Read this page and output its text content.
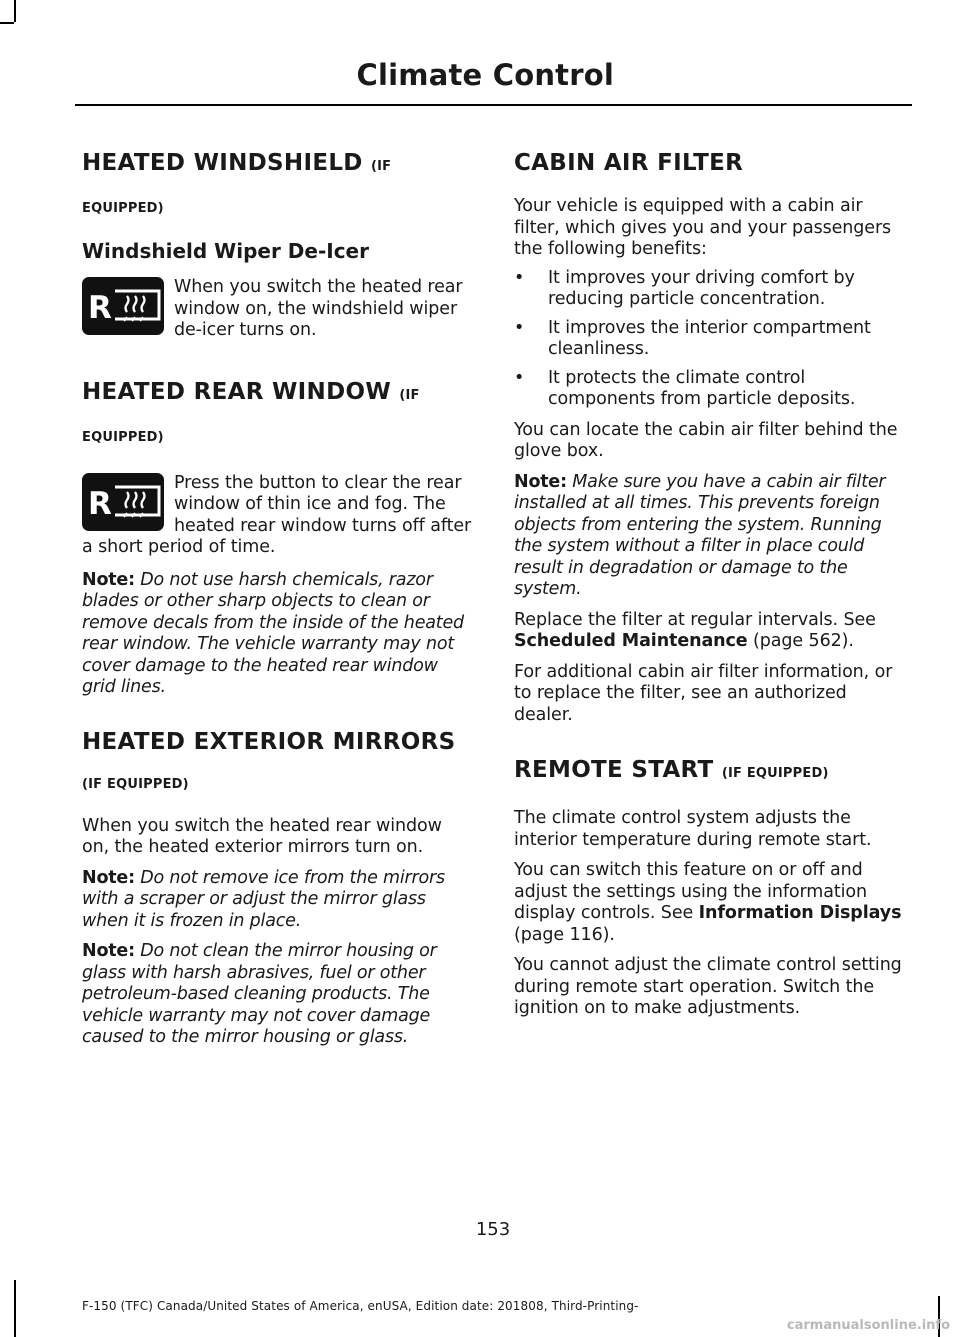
Climate Control
HEATED WINDSHIELD (IF
EQUIPPED)
Windshield Wiper De-Icer
R

When you switch the heated rear window on, the windshield wiper de-icer turns on.

HEATED REAR WINDOW (IF
EQUIPPED)
R

Press the button to clear the rear window of thin ice and fog. The heated rear window turns off after a short period of time.

Note: Do not use harsh chemicals, razor blades or other sharp objects to clean or remove decals from the inside of the heated rear window. The vehicle warranty may not cover damage to the heated rear window grid lines.

HEATED EXTERIOR MIRRORS
(IF EQUIPPED)

When you switch the heated rear window on, the heated exterior mirrors turn on.

Note: Do not remove ice from the mirrors with a scraper or adjust the mirror glass when it is frozen in place.

Note: Do not clean the mirror housing or glass with harsh abrasives, fuel or other petroleum-based cleaning products. The vehicle warranty may not cover damage caused to the mirror housing or glass.

CABIN AIR FILTER

Your vehicle is equipped with a cabin air filter, which gives you and your passengers the following benefits:

• It improves your driving comfort by reducing particle concentration.
• It improves the interior compartment cleanliness.
• It protects the climate control components from particle deposits.

You can locate the cabin air filter behind the glove box.

Note: Make sure you have a cabin air filter installed at all times. This prevents foreign objects from entering the system. Running the system without a filter in place could result in degradation or damage to the system.

Replace the filter at regular intervals. See Scheduled Maintenance (page 562).

For additional cabin air filter information, or to replace the filter, see an authorized dealer.

REMOTE START (IF EQUIPPED)

The climate control system adjusts the interior temperature during remote start.

You can switch this feature on or off and adjust the settings using the information display controls. See Information Displays (page 116).

You cannot adjust the climate control setting during remote start operation. Switch the ignition on to make adjustments.

153
F-150 (TFC) Canada/United States of America, enUSA, Edition date: 201808, Third-Printing-
carmanualsonline.info
